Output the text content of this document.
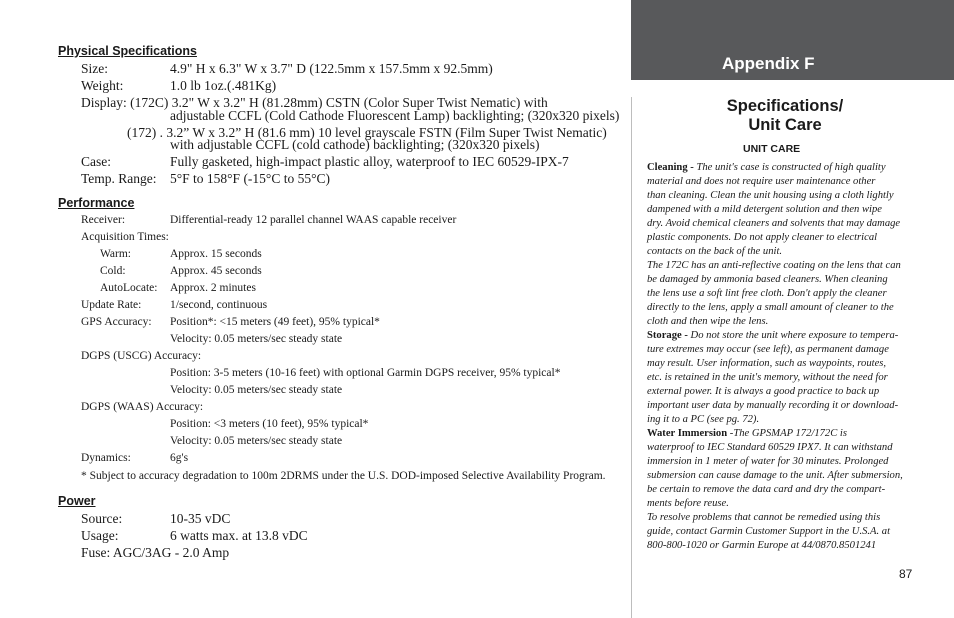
Physical Specifications
Size:	4.9" H x 6.3" W x 3.7" D (122.5mm x 157.5mm x 92.5mm)
Weight:	1.0 lb 1oz.(.481Kg)
Display: (172C) 3.2" W x 3.2" H (81.28mm) CSTN (Color Super Twist Nematic) with
adjustable CCFL (Cold Cathode Fluorescent Lamp) backlighting; (320x320 pixels)
(172) . 3.2” W x 3.2” H (81.6 mm) 10 level grayscale FSTN (Film Super Twist Nematic)
with adjustable CCFL (cold cathode) backlighting; (320x320 pixels)
Case:	Fully gasketed, high-impact plastic alloy, waterproof to IEC 60529-IPX-7
Temp. Range: 5°F to 158°F (-15°C to 55°C)
Performance
Receiver:	Differential-ready 12 parallel channel WAAS capable receiver
Acquisition Times:
Warm:	Approx. 15 seconds
Cold:	Approx. 45 seconds
AutoLocate: Approx. 2 minutes
Update Rate: 1/second, continuous
GPS Accuracy: Position*: <15 meters (49 feet), 95% typical*
Velocity: 0.05 meters/sec steady state
DGPS (USCG) Accuracy:
Position: 3-5 meters (10-16 feet) with optional Garmin DGPS receiver, 95% typical*
Velocity: 0.05 meters/sec steady state
DGPS (WAAS) Accuracy:
Position: <3 meters (10 feet), 95% typical*
Velocity: 0.05 meters/sec steady state
Dynamics:	6g's
* Subject to accuracy degradation to 100m 2DRMS under the U.S. DOD-imposed Selective Availability Program.
Power
Source:	10-35 vDC
Usage:	6 watts max. at 13.8 vDC
Fuse: AGC/3AG - 2.0 Amp
Appendix F
Specifications/
Unit Care
UNIT CARE
Cleaning - The unit's case is constructed of high quality
material and does not require user maintenance other
than cleaning. Clean the unit housing using a cloth lightly
dampened with a mild detergent solution and then wipe
dry. Avoid chemical cleaners and solvents that may damage
plastic components. Do not apply cleaner to electrical
contacts on the back of the unit.
The 172C has an anti-reflective coating on the lens that can
be damaged by ammonia based cleaners. When cleaning
the lens use a soft lint free cloth. Don't apply the cleaner
directly to the lens, apply a small amount of cleaner to the
cloth and then wipe the lens.
Storage - Do not store the unit where exposure to tempera-
ture extremes may occur (see left), as permanent damage
may result. User information, such as waypoints, routes,
etc. is retained in the unit's memory, without the need for
external power. It is always a good practice to back up
important user data by manually recording it or download-
ing it to a PC (see pg. 72).
Water Immersion -The GPSMAP 172/172C is
waterproof to IEC Standard 60529 IPX7. It can withstand
immersion in 1 meter of water for 30 minutes. Prolonged
submersion can cause damage to the unit. After submersion,
be certain to remove the data card and dry the compart-
ments before reuse.
To resolve problems that cannot be remedied using this
guide, contact Garmin Customer Support in the U.S.A. at
800-800-1020 or Garmin Europe at 44/0870.8501241
87
